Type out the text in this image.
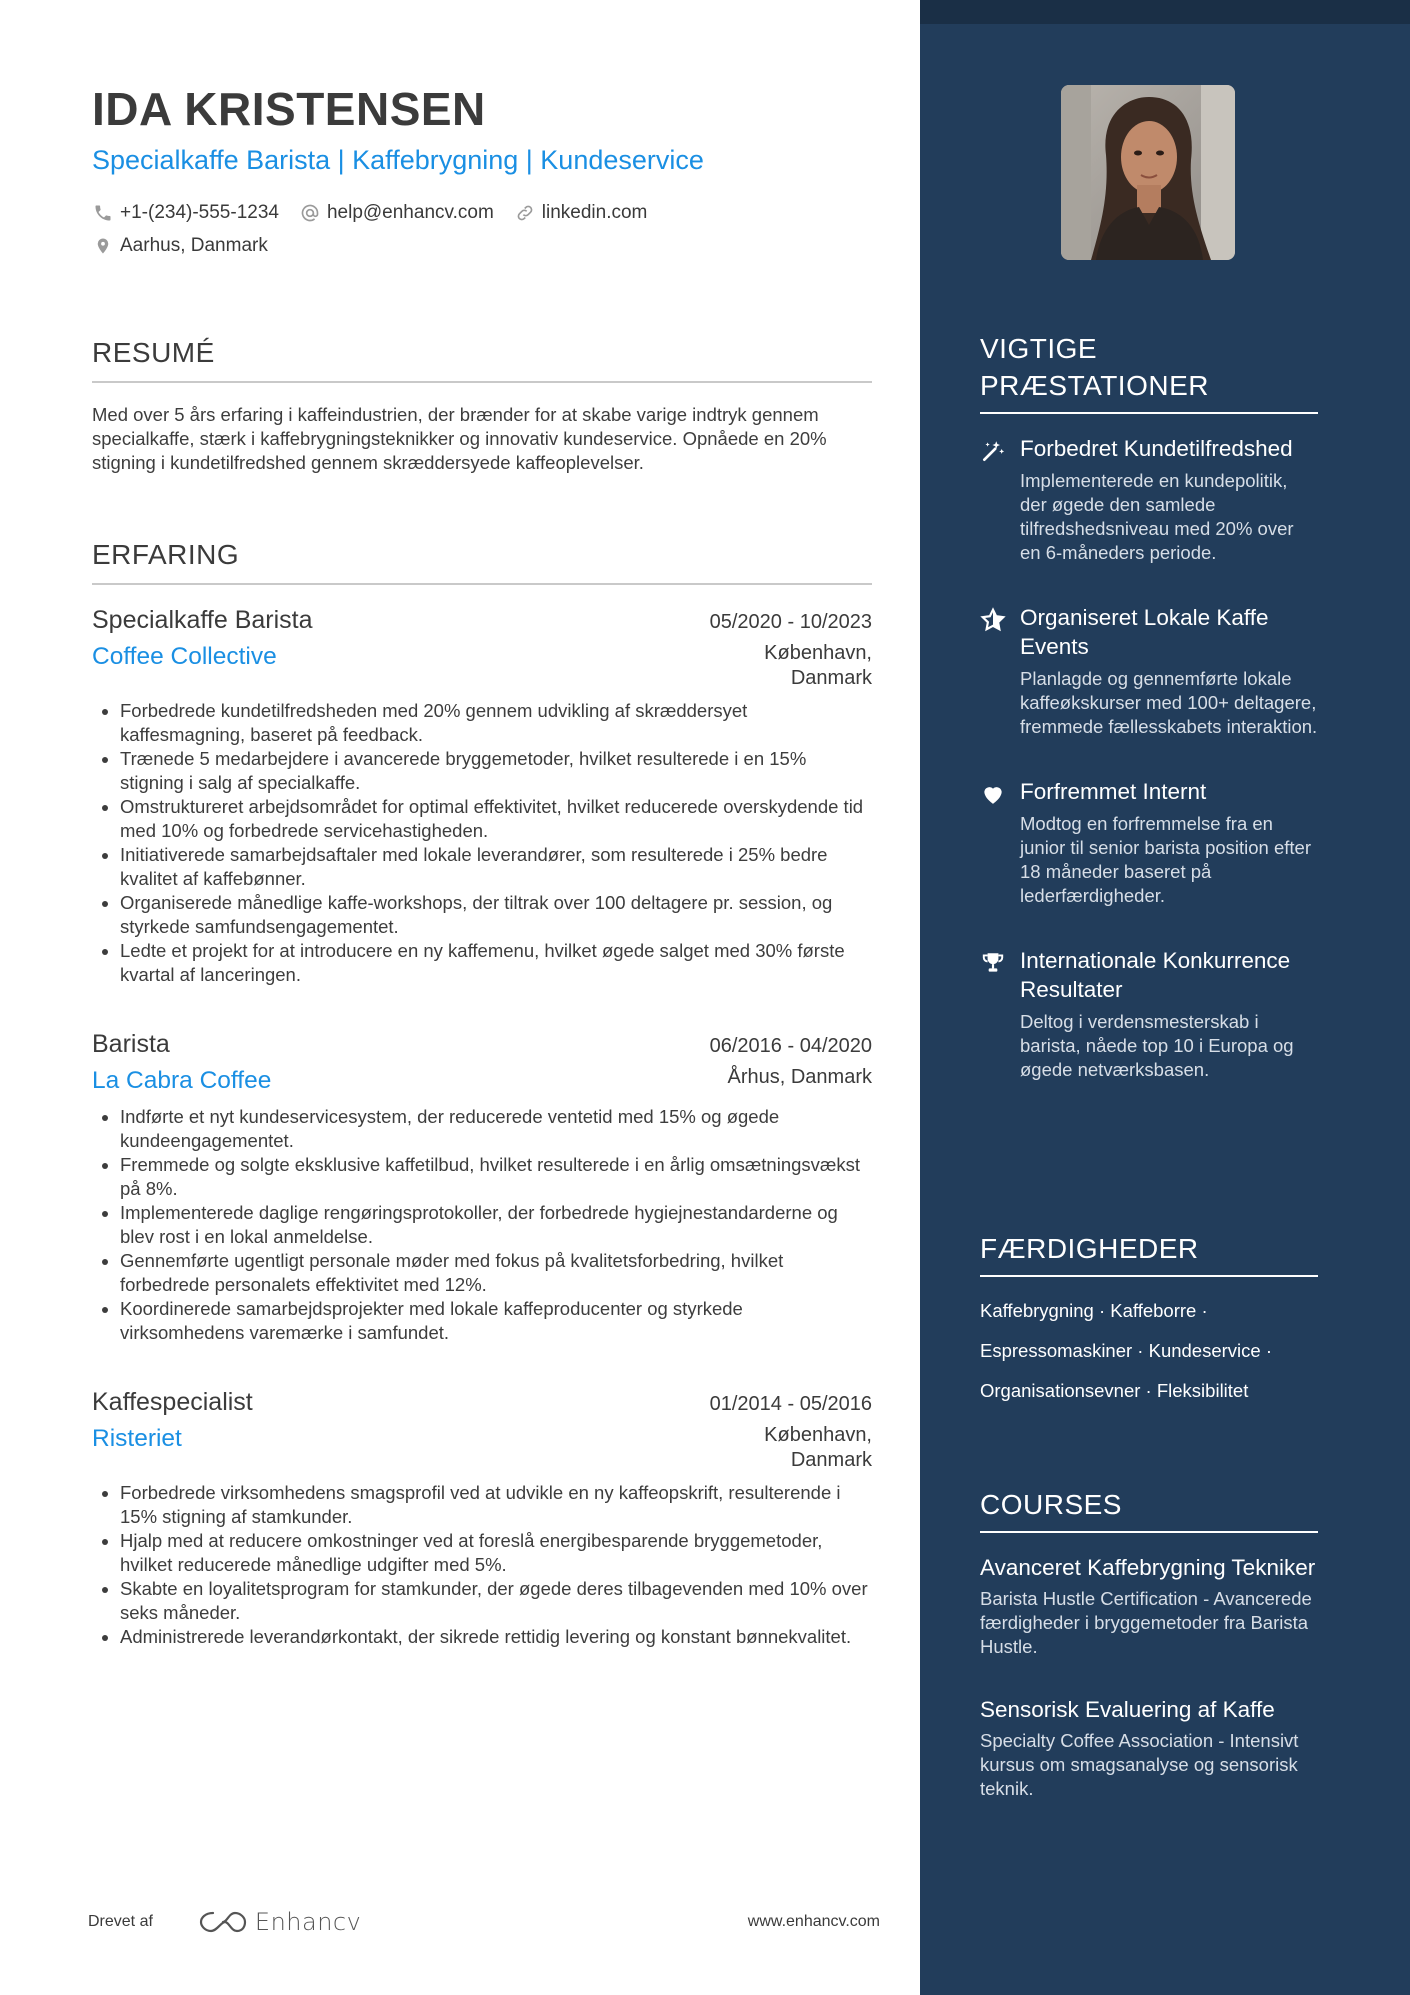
IDA KRISTENSEN
Specialkaffe Barista | Kaffebrygning | Kundeservice
+1-(234)-555-1234	help@enhancv.com	linkedin.com
Aarhus, Danmark
RESUMÉ
Med over 5 års erfaring i kaffeindustrien, der brænder for at skabe varige indtryk gennem specialkaffe, stærk i kaffebrygningsteknikker og innovativ kundeservice. Opnåede en 20% stigning i kundetilfredshed gennem skræddersyede kaffeoplevelser.
ERFARING
Specialkaffe Barista	05/2020 - 10/2023
Coffee Collective	København,
Danmark
• Forbedrede kundetilfredsheden med 20% gennem udvikling af skræddersyet kaffesmagning, baseret på feedback.
• Trænede 5 medarbejdere i avancerede bryggemetoder, hvilket resulterede i en 15% stigning i salg af specialkaffe.
• Omstruktureret arbejdsområdet for optimal effektivitet, hvilket reducerede overskydende tid med 10% og forbedrede servicehastigheden.
• Initiativerede samarbejdsaftaler med lokale leverandører, som resulterede i 25% bedre kvalitet af kaffebønner.
• Organiserede månedlige kaffe-workshops, der tiltrak over 100 deltagere pr. session, og styrkede samfundsengagementet.
• Ledte et projekt for at introducere en ny kaffemenu, hvilket øgede salget med 30% første kvartal af lanceringen.
Barista	06/2016 - 04/2020
La Cabra Coffee	Århus, Danmark
• Indførte et nyt kundeservicesystem, der reducerede ventetid med 15% og øgede kundeengagementet.
• Fremmede og solgte eksklusive kaffetilbud, hvilket resulterede i en årlig omsætningsvækst på 8%.
• Implementerede daglige rengøringsprotokoller, der forbedrede hygiejnestandarderne og blev rost i en lokal anmeldelse.
• Gennemførte ugentligt personale møder med fokus på kvalitetsforbedring, hvilket forbedrede personalets effektivitet med 12%.
• Koordinerede samarbejdsprojekter med lokale kaffeproducenter og styrkede virksomhedens varemærke i samfundet.
Kaffespecialist	01/2014 - 05/2016
Risteriet	København,
Danmark
• Forbedrede virksomhedens smagsprofil ved at udvikle en ny kaffeopskrift, resulterende i 15% stigning af stamkunder.
• Hjalp med at reducere omkostninger ved at foreslå energibesparende bryggemetoder, hvilket reducerede månedlige udgifter med 5%.
• Skabte en loyalitetsprogram for stamkunder, der øgede deres tilbagevenden med 10% over seks måneder.
• Administrerede leverandørkontakt, der sikrede rettidig levering og konstant bønnekvalitet.
Drevet af	Enhancv	www.enhancv.com
VIGTIGE
PRÆSTATIONER
Forbedret Kundetilfredshed
Implementerede en kundepolitik, der øgede den samlede tilfredshedsniveau med 20% over en 6-måneders periode.
Organiseret Lokale Kaffe Events
Planlagde og gennemførte lokale kaffeøkskurser med 100+ deltagere, fremmede fællesskabets interaktion.
Forfremmet Internt
Modtog en forfremmelse fra en junior til senior barista position efter 18 måneder baseret på lederfærdigheder.
Internationale Konkurrence Resultater
Deltog i verdensmesterskab i barista, nåede top 10 i Europa og øgede netværksbasen.
FÆRDIGHEDER
Kaffebrygning · Kaffeborre ·
Espressomaskiner · Kundeservice ·
Organisationsevner · Fleksibilitet
COURSES
Avanceret Kaffebrygning Tekniker
Barista Hustle Certification - Avancerede færdigheder i bryggemetoder fra Barista Hustle.
Sensorisk Evaluering af Kaffe
Specialty Coffee Association - Intensivt kursus om smagsanalyse og sensorisk teknik.
